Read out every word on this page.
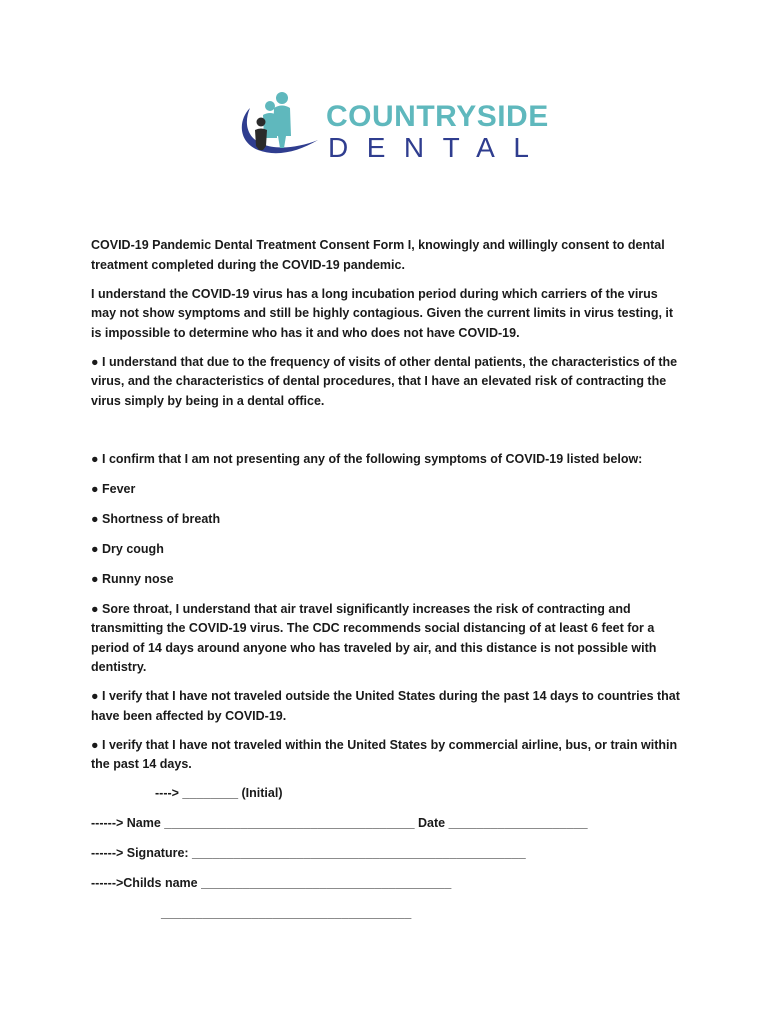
COUNTRYSIDE
DENTAL

COVID-19 Pandemic Dental Treatment Consent Form I, knowingly and willingly consent to dental treatment completed during the COVID-19 pandemic.

I understand the COVID-19 virus has a long incubation period during which carriers of the virus may not show symptoms and still be highly contagious. Given the current limits in virus testing, it is impossible to determine who has it and who does not have COVID-19.

● I understand that due to the frequency of visits of other dental patients, the characteristics of the virus, and the characteristics of dental procedures, that I have an elevated risk of contracting the virus simply by being in a dental office.

● I confirm that I am not presenting any of the following symptoms of COVID-19 listed below:

● Fever

● Shortness of breath

● Dry cough

● Runny nose

● Sore throat, I understand that air travel significantly increases the risk of contracting and transmitting the COVID-19 virus. The CDC recommends social distancing of at least 6 feet for a period of 14 days around anyone who has traveled by air, and this distance is not possible with dentistry.

● I verify that I have not traveled outside the United States during the past 14 days to countries that have been affected by COVID-19.

● I verify that I have not traveled within the United States by commercial airline, bus, or train within the past 14 days.

----> ________ (Initial)

------> Name ____________________________________ Date ____________________

------> Signature: ________________________________________________

------>Childs name ____________________________________

____________________________________
